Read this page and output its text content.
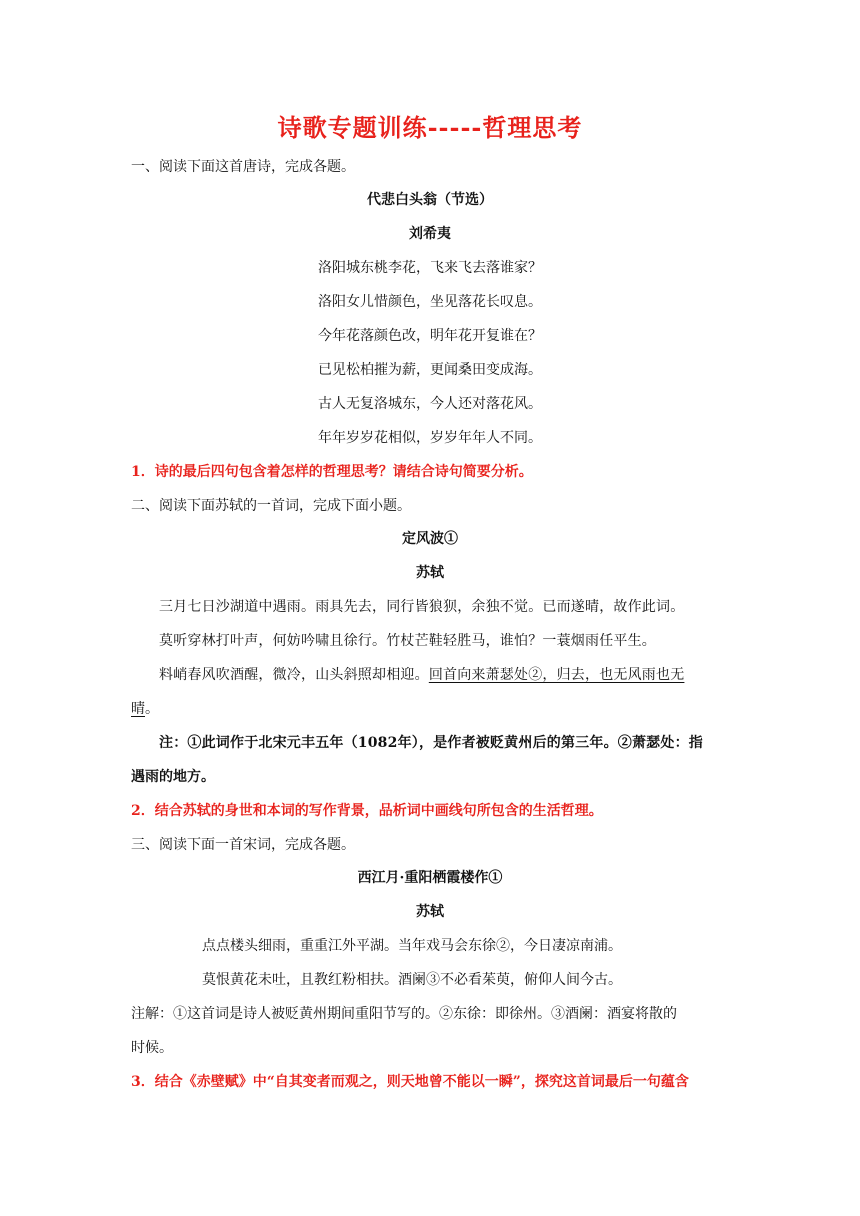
诗歌专题训练-----哲理思考
一、阅读下面这首唐诗，完成各题。
代悲白头翁（节选）
刘希夷
洛阳城东桃李花，飞来飞去落谁家？
洛阳女儿惜颜色，坐见落花长叹息。
今年花落颜色改，明年花开复谁在？
已见松柏摧为薪，更闻桑田变成海。
古人无复洛城东，今人还对落花风。
年年岁岁花相似，岁岁年年人不同。
1．诗的最后四句包含着怎样的哲理思考？请结合诗句简要分析。
二、阅读下面苏轼的一首词，完成下面小题。
定风波①
苏轼
三月七日沙湖道中遇雨。雨具先去，同行皆狼狈，余独不觉。已而遂晴，故作此词。
莫听穿林打叶声，何妨吟啸且徐行。竹杖芒鞋轻胜马，谁怕？一蓑烟雨任平生。
料峭春风吹酒醒，微冷，山头斜照却相迎。回首向来萧瑟处②，归去，也无风雨也无
晴。
注：①此词作于北宋元丰五年（1082年），是作者被贬黄州后的第三年。②萧瑟处：指
遇雨的地方。
2．结合苏轼的身世和本词的写作背景，品析词中画线句所包含的生活哲理。
三、阅读下面一首宋词，完成各题。
西江月·重阳栖霞楼作①
苏轼
点点楼头细雨，重重江外平湖。当年戏马会东徐②，今日凄凉南浦。
莫恨黄花未吐，且教红粉相扶。酒阑③不必看茱萸，俯仰人间今古。
注解：①这首词是诗人被贬黄州期间重阳节写的。②东徐：即徐州。③酒阑：酒宴将散的
时候。
3．结合《赤壁赋》中“自其变者而观之，则天地曾不能以一瞬”，探究这首词最后一句蕴含
